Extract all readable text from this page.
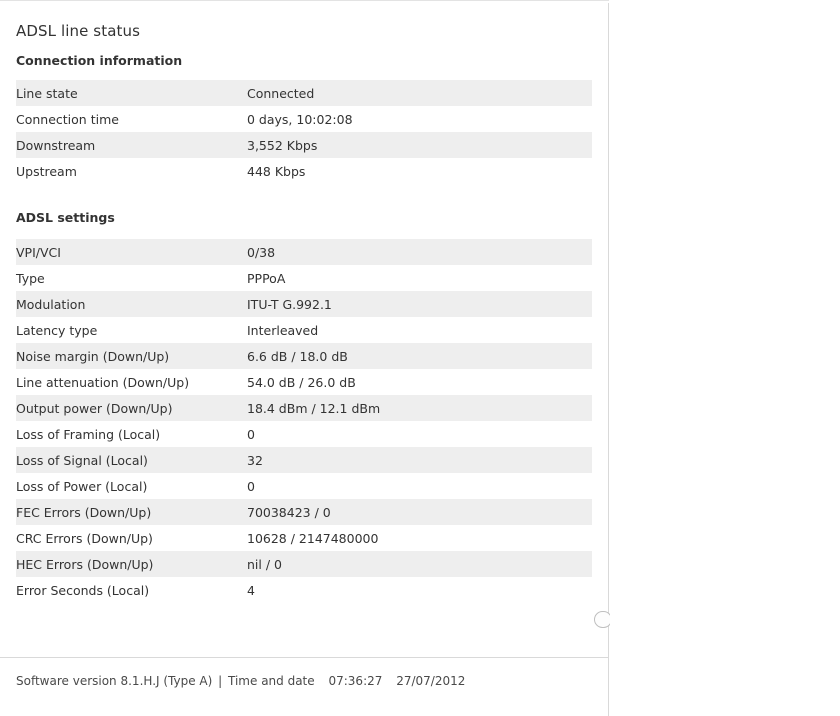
ADSL line status
Connection information
Line state	Connected

Connection time	0 days, 10:02:08

Downstream	3,552 Kbps

Upstream	448 Kbps
ADSL settings
VPI/VCI	0/38

Type	PPPoA

Modulation	ITU-T G.992.1

Latency type	Interleaved

Noise margin (Down/Up)	6.6 dB / 18.0 dB

Line attenuation (Down/Up)	54.0 dB / 26.0 dB

Output power (Down/Up)	18.4 dBm / 12.1 dBm

Loss of Framing (Local)	0

Loss of Signal (Local)	32

Loss of Power (Local)	0

FEC Errors (Down/Up)	70038423 / 0

CRC Errors (Down/Up)	10628 / 2147480000

HEC Errors (Down/Up)	nil / 0

Error Seconds (Local)	4
Software version 8.1.H.J (Type A) | Time and date 07:36:27 27/07/2012
